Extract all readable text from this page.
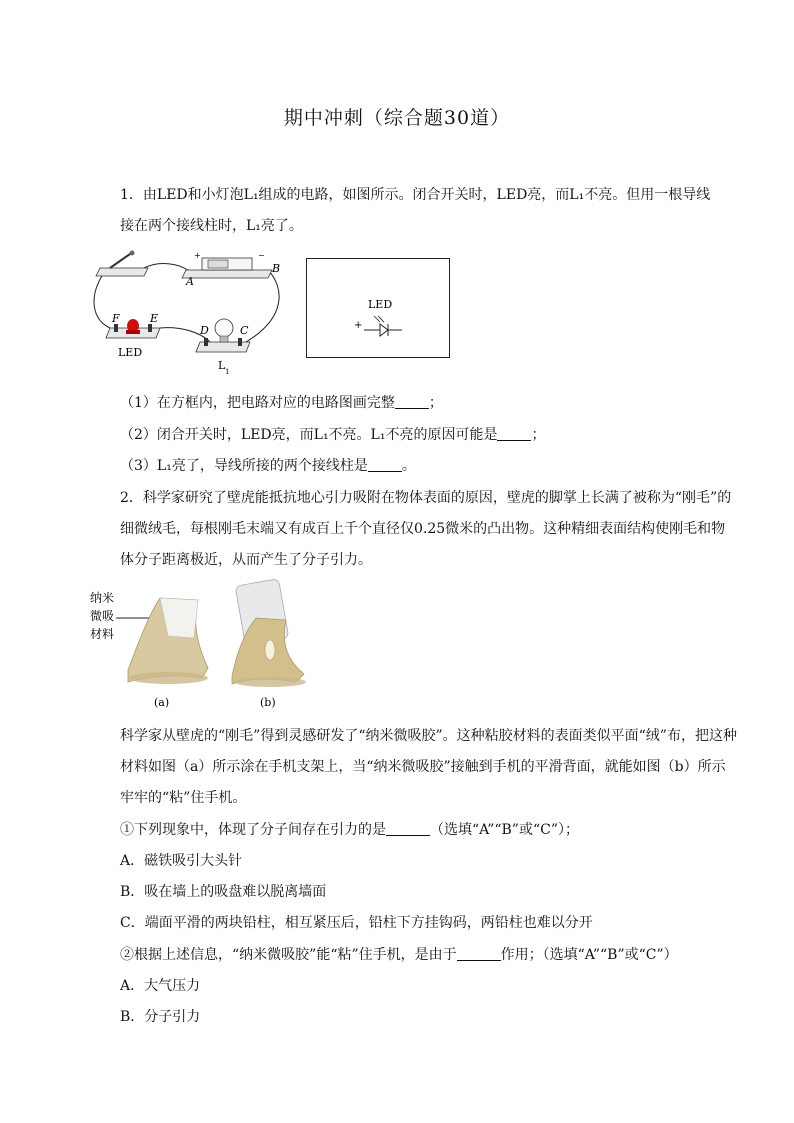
期中冲刺（综合题30道）
1．由LED和小灯泡L₁组成的电路，如图所示。闭合开关时，LED亮，而L₁不亮。但用一根导线
接在两个接线柱时，L₁亮了。
+	−
A
B
F	E
LED
D	C
L 1
LED
+
（1）在方框内，把电路对应的电路图画完整 ；
（2）闭合开关时，LED亮，而L₁不亮。L₁不亮的原因可能是 ；
（3）L₁亮了，导线所接的两个接线柱是 。
2．科学家研究了壁虎能抵抗地心引力吸附在物体表面的原因，壁虎的脚掌上长满了被称为“刚毛”的
细微绒毛，每根刚毛末端又有成百上千个直径仅0.25微米的凸出物。这种精细表面结构使刚毛和物
体分子距离极近，从而产生了分子引力。
纳米
微吸
材料
(a)	(b)
科学家从壁虎的“刚毛”得到灵感研发了“纳米微吸胶”。这种粘胶材料的表面类似平面“绒”布，把这种
材料如图（a）所示涂在手机支架上，当“纳米微吸胶”接触到手机的平滑背面，就能如图（b）所示
牢牢的“粘”住手机。
①下列现象中，体现了分子间存在引力的是	（选填“A”“B”或“C”）；
A．磁铁吸引大头针
B．吸在墙上的吸盘难以脱离墙面
C．端面平滑的两块铅柱，相互紧压后，铅柱下方挂钩码，两铅柱也难以分开
②根据上述信息，“纳米微吸胶”能“粘”住手机，是由于	作用；（选填“A”“B”或“C”）
A．大气压力
B．分子引力
